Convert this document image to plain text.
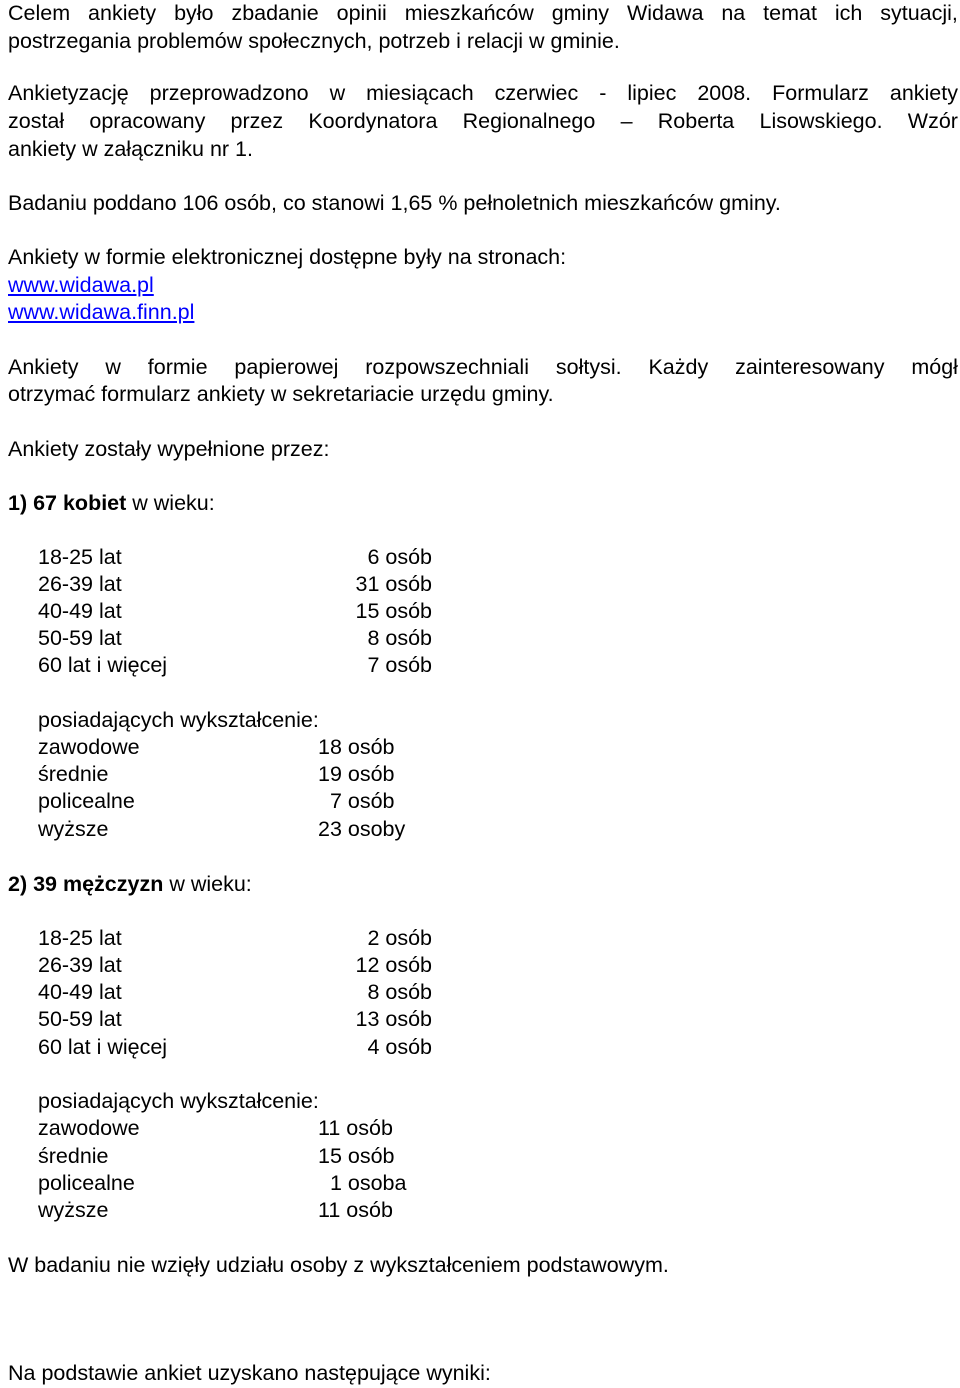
Celem ankiety było zbadanie opinii mieszkańców gminy Widawa na temat ich sytuacji,
postrzegania problemów społecznych, potrzeb i relacji w gminie.
Ankietyzację przeprowadzono w miesiącach czerwiec - lipiec 2008. Formularz ankiety
został opracowany przez Koordynatora Regionalnego – Roberta Lisowskiego. Wzór
ankiety w załączniku nr 1.
Badaniu poddano 106 osób, co stanowi 1,65 % pełnoletnich mieszkańców gminy.
Ankiety w formie elektronicznej dostępne były na stronach:
www.widawa.pl
www.widawa.finn.pl
Ankiety w formie papierowej rozpowszechniali sołtysi. Każdy zainteresowany mógł
otrzymać formularz ankiety w sekretariacie urzędu gminy.
Ankiety zostały wypełnione przez:
1) 67 kobiet w wieku:
18-25 lat	6 osób
26-39 lat	31 osób
40-49 lat	15 osób
50-59 lat	8 osób
60 lat i więcej	7 osób
posiadających wykształcenie:
zawodowe	18 osób
średnie	19 osób
policealne	7 osób
wyższe	23 osoby
2) 39 mężczyzn w wieku:
18-25 lat	2 osób
26-39 lat	12 osób
40-49 lat	8 osób
50-59 lat	13 osób
60 lat i więcej	4 osób
posiadających wykształcenie:
zawodowe	11 osób
średnie	15 osób
policealne	1 osoba
wyższe	11 osób
W badaniu nie wzięły udziału osoby z wykształceniem podstawowym.
Na podstawie ankiet uzyskano następujące wyniki:
